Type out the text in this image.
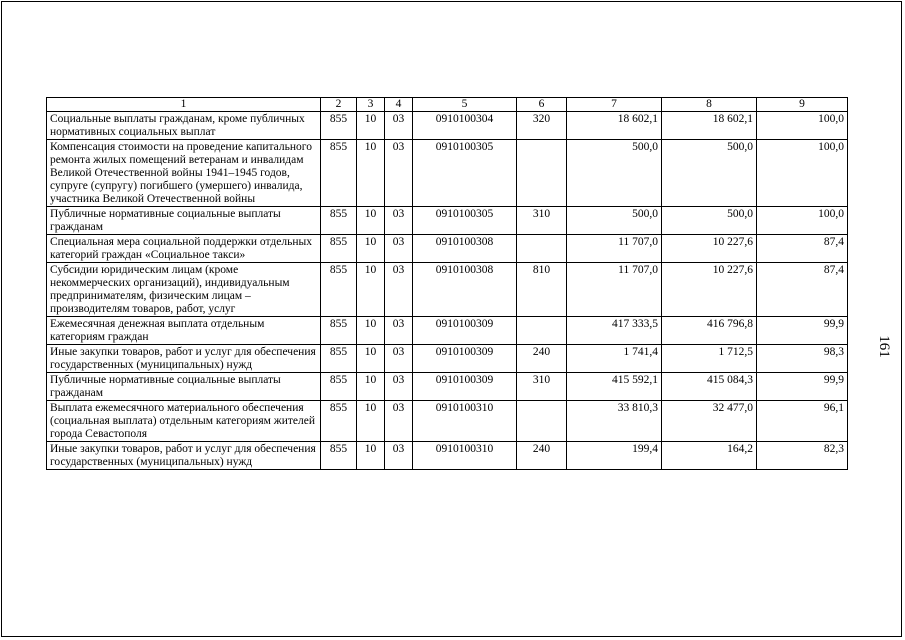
1	2	3	4	5	6	7	8	9
Социальные выплаты гражданам, кроме публичных нормативных социальных выплат	855	10	03	0910100304	320	18 602,1	18 602,1	100,0
Компенсация стоимости на проведение капитального ремонта жилых помещений ветеранам и инвалидам Великой Отечественной войны 1941–1945 годов, супруге (супругу) погибшего (умершего) инвалида, участника Великой Отечественной войны	855	10	03	0910100305		500,0	500,0	100,0
Публичные нормативные социальные выплаты гражданам	855	10	03	0910100305	310	500,0	500,0	100,0
Специальная мера социальной поддержки отдельных категорий граждан «Социальное такси»	855	10	03	0910100308		11 707,0	10 227,6	87,4
Субсидии юридическим лицам (кроме некоммерческих организаций), индивидуальным предпринимателям, физическим лицам – производителям товаров, работ, услуг	855	10	03	0910100308	810	11 707,0	10 227,6	87,4
Ежемесячная денежная выплата отдельным категориям граждан	855	10	03	0910100309		417 333,5	416 796,8	99,9
Иные закупки товаров, работ и услуг для обеспечения государственных (муниципальных) нужд	855	10	03	0910100309	240	1 741,4	1 712,5	98,3
Публичные нормативные социальные выплаты гражданам	855	10	03	0910100309	310	415 592,1	415 084,3	99,9
Выплата ежемесячного материального обеспечения (социальная выплата) отдельным категориям жителей города Севастополя	855	10	03	0910100310		33 810,3	32 477,0	96,1
Иные закупки товаров, работ и услуг для обеспечения государственных (муниципальных) нужд	855	10	03	0910100310	240	199,4	164,2	82,3
161
